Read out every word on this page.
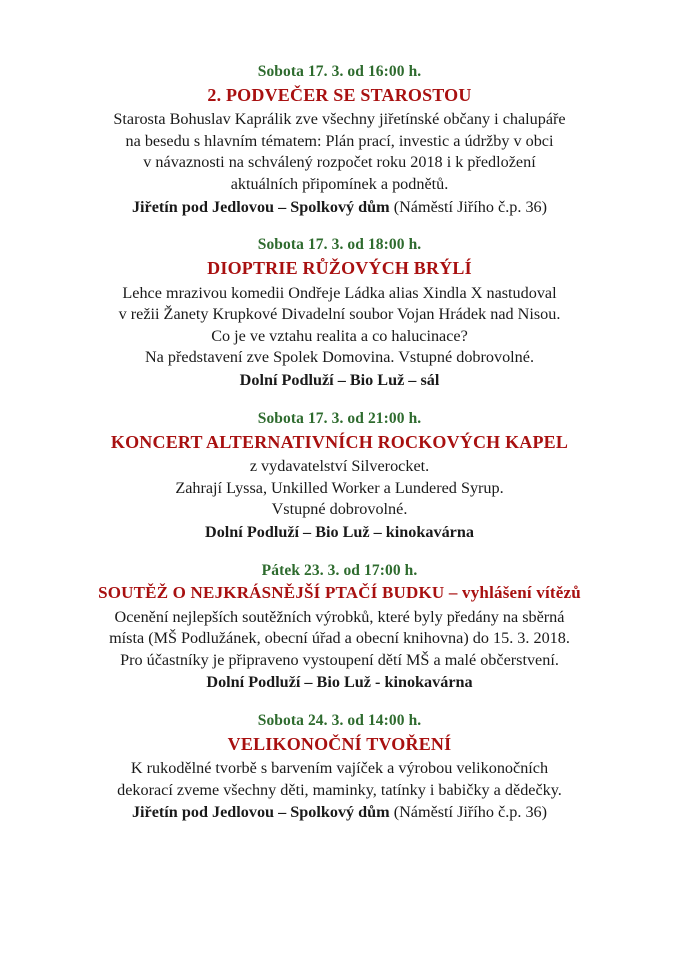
Sobota 17. 3. od 16:00 h.
2. PODVEČER SE STAROSTOU
Starosta Bohuslav Kaprálik zve všechny jiřetínské občany i chalupáře
na besedu s hlavním tématem: Plán prací, investic a údržby v obci
v návaznosti na schválený rozpočet roku 2018 i k předložení
aktuálních připomínek a podnětů.
Jiřetín pod Jedlovou – Spolkový dům (Náměstí Jiřího č.p. 36)
Sobota 17. 3. od 18:00 h.
DIOPTRIE RŮŽOVÝCH BRÝLÍ
Lehce mrazivou komedii Ondřeje Ládka alias Xindla X nastudoval
v režii Žanety Krupkové Divadelní soubor Vojan Hrádek nad Nisou.
Co je ve vztahu realita a co halucinace?
Na představení zve Spolek Domovina. Vstupné dobrovolné.
Dolní Podluží – Bio Luž – sál
Sobota 17. 3. od 21:00 h.
KONCERT ALTERNATIVNÍCH ROCKOVÝCH KAPEL
z vydavatelství Silverocket.
Zahrají Lyssa, Unkilled Worker a Lundered Syrup.
Vstupné dobrovolné.
Dolní Podluží – Bio Luž – kinokavárna
Pátek 23. 3. od 17:00 h.
SOUTĚŽ O NEJKRÁSNĚJŠÍ PTAČÍ BUDKU – vyhlášení vítězů
Ocenění nejlepších soutěžních výrobků, které byly předány na sběrná
místa (MŠ Podlužánek, obecní úřad a obecní knihovna) do 15. 3. 2018.
Pro účastníky je připraveno vystoupení dětí MŠ a malé občerstvení.
Dolní Podluží – Bio Luž - kinokavárna
Sobota 24. 3. od 14:00 h.
VELIKONOČNÍ TVOŘENÍ
K rukodělné tvorbě s barvením vajíček a výrobou velikonočních
dekorací zveme všechny děti, maminky, tatínky i babičky a dědečky.
Jiřetín pod Jedlovou – Spolkový dům (Náměstí Jiřího č.p. 36)
